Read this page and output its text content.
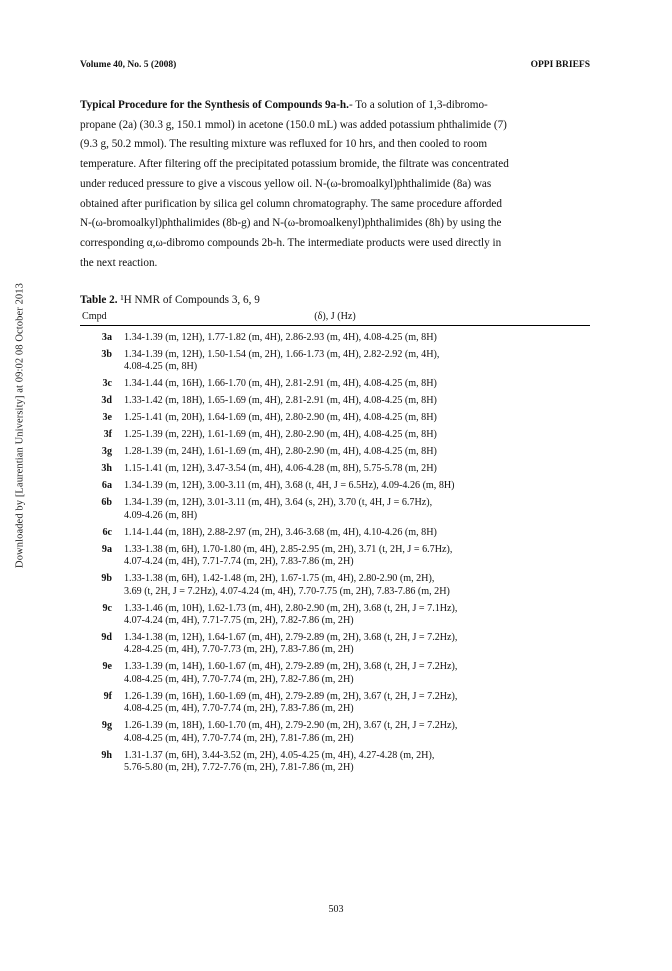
Downloaded by [Laurentian University] at 09:02 08 October 2013
Volume 40, No. 5 (2008)	OPPI BRIEFS
Typical Procedure for the Synthesis of Compounds 9a-h.- To a solution of 1,3-dibromo-
propane (2a) (30.3 g, 150.1 mmol) in acetone (150.0 mL) was added potassium phthalimide (7)
(9.3 g, 50.2 mmol). The resulting mixture was refluxed for 10 hrs, and then cooled to room
temperature. After filtering off the precipitated potassium bromide, the filtrate was concentrated
under reduced pressure to give a viscous yellow oil. N-(ω-bromoalkyl)phthalimide (8a) was
obtained after purification by silica gel column chromatography. The same procedure afforded
N-(ω-bromoalkyl)phthalimides (8b-g) and N-(ω-bromoalkenyl)phthalimides (8h) by using the
corresponding α,ω-dibromo compounds 2b-h. The intermediate products were used directly in
the next reaction.
Table 2. ¹H NMR of Compounds 3, 6, 9
Cmpd	(δ), J (Hz)
3a 1.34-1.39 (m, 12H), 1.77-1.82 (m, 4H), 2.86-2.93 (m, 4H), 4.08-4.25 (m, 8H)
3b 1.34-1.39 (m, 12H), 1.50-1.54 (m, 2H), 1.66-1.73 (m, 4H), 2.82-2.92 (m, 4H),
4.08-4.25 (m, 8H)
3c 1.34-1.44 (m, 16H), 1.66-1.70 (m, 4H), 2.81-2.91 (m, 4H), 4.08-4.25 (m, 8H)
3d 1.33-1.42 (m, 18H), 1.65-1.69 (m, 4H), 2.81-2.91 (m, 4H), 4.08-4.25 (m, 8H)
3e 1.25-1.41 (m, 20H), 1.64-1.69 (m, 4H), 2.80-2.90 (m, 4H), 4.08-4.25 (m, 8H)
3f 1.25-1.39 (m, 22H), 1.61-1.69 (m, 4H), 2.80-2.90 (m, 4H), 4.08-4.25 (m, 8H)
3g 1.28-1.39 (m, 24H), 1.61-1.69 (m, 4H), 2.80-2.90 (m, 4H), 4.08-4.25 (m, 8H)
3h 1.15-1.41 (m, 12H), 3.47-3.54 (m, 4H), 4.06-4.28 (m, 8H), 5.75-5.78 (m, 2H)
6a 1.34-1.39 (m, 12H), 3.00-3.11 (m, 4H), 3.68 (t, 4H, J = 6.5Hz), 4.09-4.26 (m, 8H)
6b 1.34-1.39 (m, 12H), 3.01-3.11 (m, 4H), 3.64 (s, 2H), 3.70 (t, 4H, J = 6.7Hz),
4.09-4.26 (m, 8H)
6c 1.14-1.44 (m, 18H), 2.88-2.97 (m, 2H), 3.46-3.68 (m, 4H), 4.10-4.26 (m, 8H)
9a 1.33-1.38 (m, 6H), 1.70-1.80 (m, 4H), 2.85-2.95 (m, 2H), 3.71 (t, 2H, J = 6.7Hz),
4.07-4.24 (m, 4H), 7.71-7.74 (m, 2H), 7.83-7.86 (m, 2H)
9b 1.33-1.38 (m, 6H), 1.42-1.48 (m, 2H), 1.67-1.75 (m, 4H), 2.80-2.90 (m, 2H),
3.69 (t, 2H, J = 7.2Hz), 4.07-4.24 (m, 4H), 7.70-7.75 (m, 2H), 7.83-7.86 (m, 2H)
9c 1.33-1.46 (m, 10H), 1.62-1.73 (m, 4H), 2.80-2.90 (m, 2H), 3.68 (t, 2H, J = 7.1Hz),
4.07-4.24 (m, 4H), 7.71-7.75 (m, 2H), 7.82-7.86 (m, 2H)
9d 1.34-1.38 (m, 12H), 1.64-1.67 (m, 4H), 2.79-2.89 (m, 2H), 3.68 (t, 2H, J = 7.2Hz),
4.28-4.25 (m, 4H), 7.70-7.73 (m, 2H), 7.83-7.86 (m, 2H)
9e 1.33-1.39 (m, 14H), 1.60-1.67 (m, 4H), 2.79-2.89 (m, 2H), 3.68 (t, 2H, J = 7.2Hz),
4.08-4.25 (m, 4H), 7.70-7.74 (m, 2H), 7.82-7.86 (m, 2H)
9f 1.26-1.39 (m, 16H), 1.60-1.69 (m, 4H), 2.79-2.89 (m, 2H), 3.67 (t, 2H, J = 7.2Hz),
4.08-4.25 (m, 4H), 7.70-7.74 (m, 2H), 7.83-7.86 (m, 2H)
9g 1.26-1.39 (m, 18H), 1.60-1.70 (m, 4H), 2.79-2.90 (m, 2H), 3.67 (t, 2H, J = 7.2Hz),
4.08-4.25 (m, 4H), 7.70-7.74 (m, 2H), 7.81-7.86 (m, 2H)
9h 1.31-1.37 (m, 6H), 3.44-3.52 (m, 2H), 4.05-4.25 (m, 4H), 4.27-4.28 (m, 2H),
5.76-5.80 (m, 2H), 7.72-7.76 (m, 2H), 7.81-7.86 (m, 2H)
503
